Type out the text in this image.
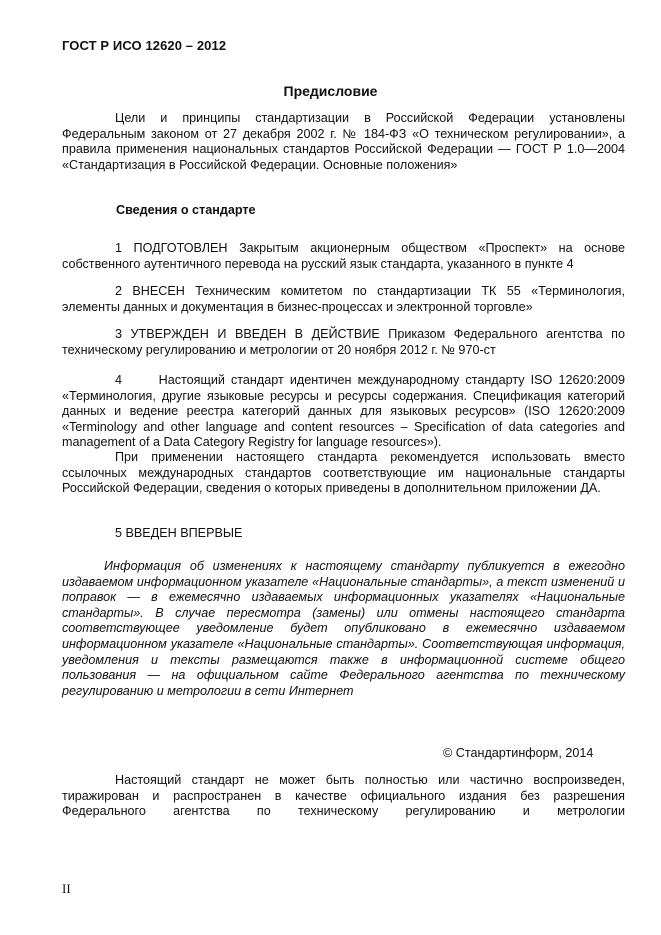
ГОСТ Р ИСО 12620 – 2012
Предисловие
Цели и принципы стандартизации в Российской Федерации установлены Федеральным законом от 27 декабря 2002 г. № 184-ФЗ «О техническом регулировании», а правила применения национальных стандартов Российской Федерации — ГОСТ Р 1.0—2004 «Стандартизация в Российской Федерации. Основные положения»
Сведения о стандарте
1 ПОДГОТОВЛЕН Закрытым акционерным обществом «Проспект» на основе собственного аутентичного перевода на русский язык стандарта, указанного в пункте 4
2 ВНЕСЕН Техническим комитетом по стандартизации ТК 55 «Терминология, элементы данных и документация в бизнес-процессах и электронной торговле»
3 УТВЕРЖДЕН И ВВЕДЕН В ДЕЙСТВИЕ Приказом Федерального агентства по техническому регулированию и метрологии от 20 ноября 2012 г. № 970-ст
4      Настоящий стандарт идентичен международному стандарту ISO 12620:2009 «Терминология, другие языковые ресурсы и ресурсы содержания. Спецификация категорий данных и ведение реестра категорий данных для языковых ресурсов» (ISO 12620:2009 «Terminology and other language and content resources – Specification of data categories and management of a Data Category Registry for language resources»).
При применении настоящего стандарта рекомендуется использовать вместо ссылочных международных стандартов соответствующие им национальные стандарты Российской Федерации, сведения о которых приведены в дополнительном приложении ДА.
5 ВВЕДЕН ВПЕРВЫЕ
Информация об изменениях к настоящему стандарту публикуется в ежегодно издаваемом информационном указателе «Национальные стандарты», а текст изменений и поправок — в ежемесячно издаваемых информационных указателях «Национальные стандарты». В случае пересмотра (замены) или отмены настоящего стандарта соответствующее уведомление будет опубликовано в ежемесячно издаваемом информационном указателе «Национальные стандарты». Соответствующая информация, уведомления и тексты размещаются также в информационной системе общего пользования — на официальном сайте Федерального агентства по техническому регулированию и метрологии в сети Интернет
© Стандартинформ, 2014
Настоящий стандарт не может быть полностью или частично воспроизведен, тиражирован и распространен в качестве официального издания без разрешения Федерального агентства по техническому регулированию и метрологии
II
